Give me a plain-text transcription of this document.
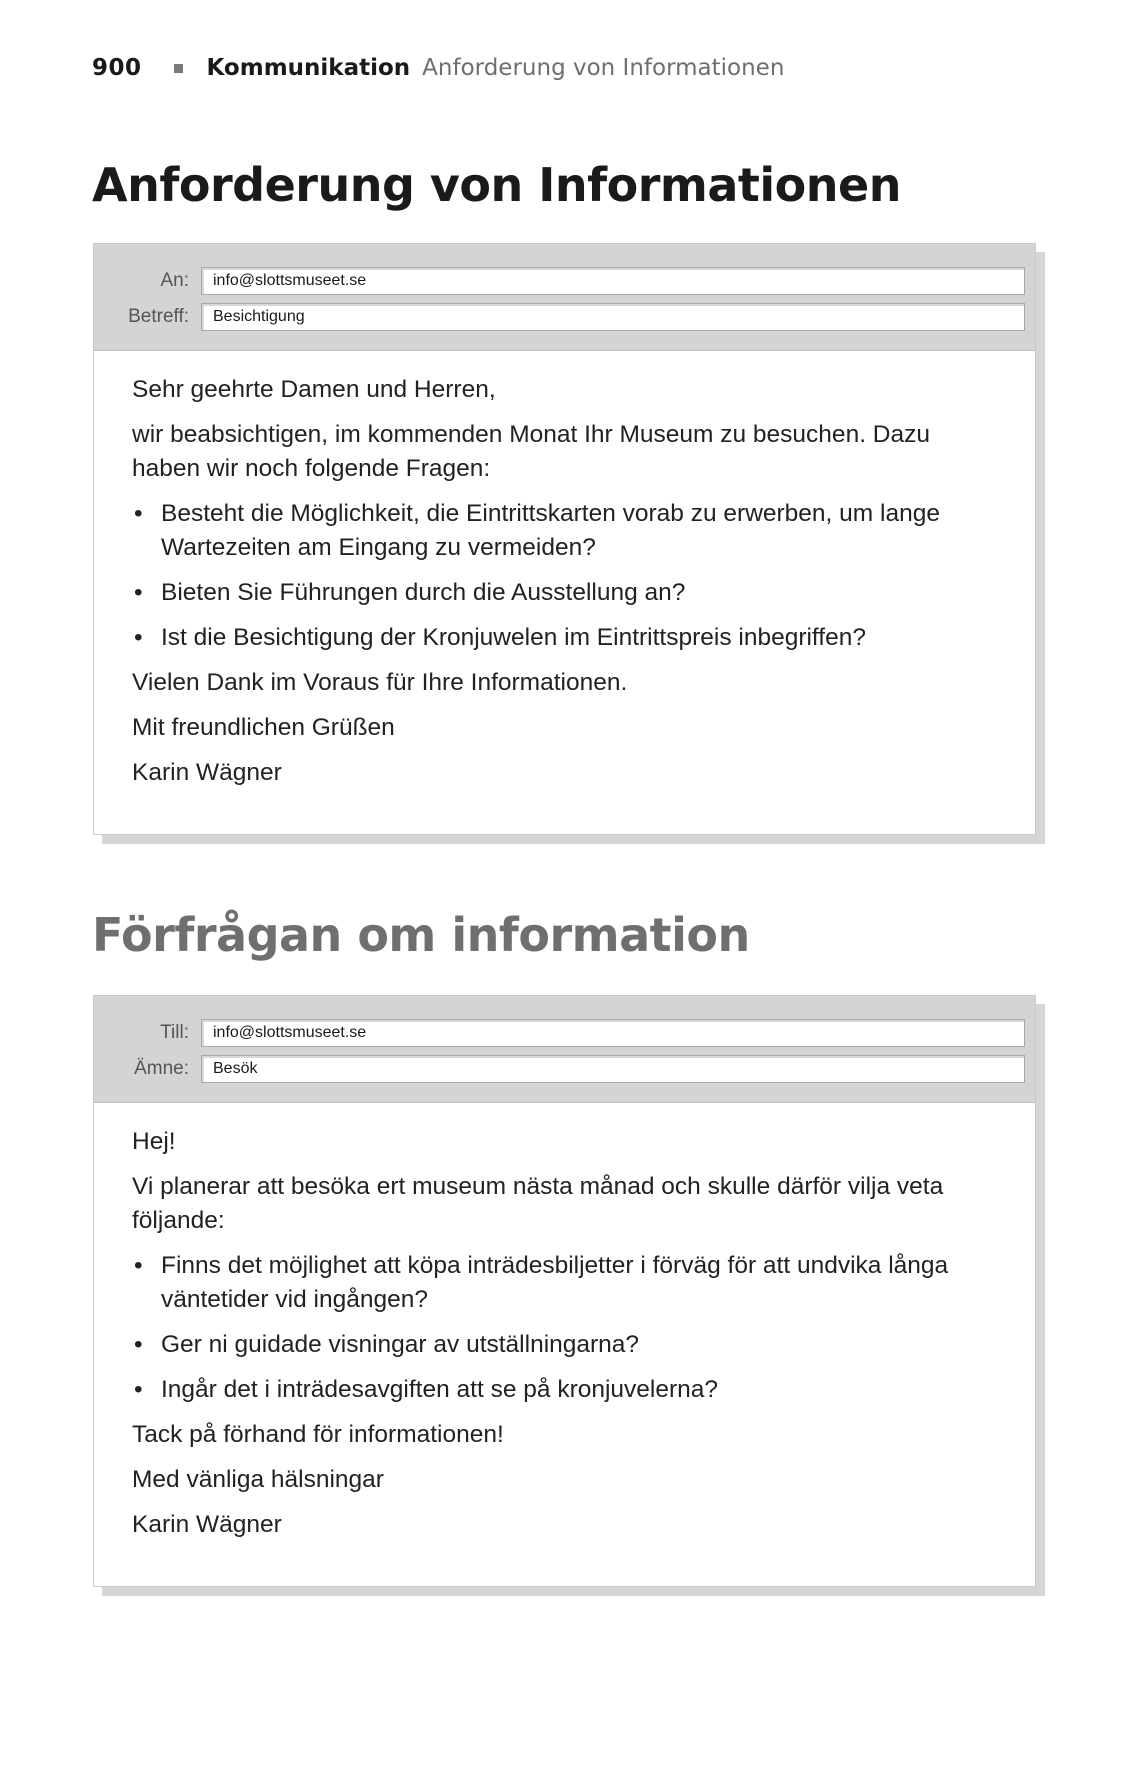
900	Kommunikation Anforderung von Informationen
Anforderung von Informationen
An:	info@slottsmuseet.se
Betreff:	Besichtigung

Sehr geehrte Damen und Herren,

wir beabsichtigen, im kommenden Monat Ihr Museum zu besuchen. Dazu haben wir noch folgende Fragen:

• Besteht die Möglichkeit, die Eintrittskarten vorab zu erwerben, um lange Wartezeiten am Eingang zu vermeiden?
• Bieten Sie Führungen durch die Ausstellung an?
• Ist die Besichtigung der Kronjuwelen im Eintrittspreis inbegriffen?

Vielen Dank im Voraus für Ihre Informationen.

Mit freundlichen Grüßen

Karin Wägner

Förfrågan om information
Till:	info@slottsmuseet.se
Ämne:	Besök

Hej!

Vi planerar att besöka ert museum nästa månad och skulle därför vilja veta följande:

• Finns det möjlighet att köpa inträdesbiljetter i förväg för att undvika långa väntetider vid ingången?
• Ger ni guidade visningar av utställningarna?
• Ingår det i inträdesavgiften att se på kronjuvelerna?

Tack på förhand för informationen!

Med vänliga hälsningar

Karin Wägner
